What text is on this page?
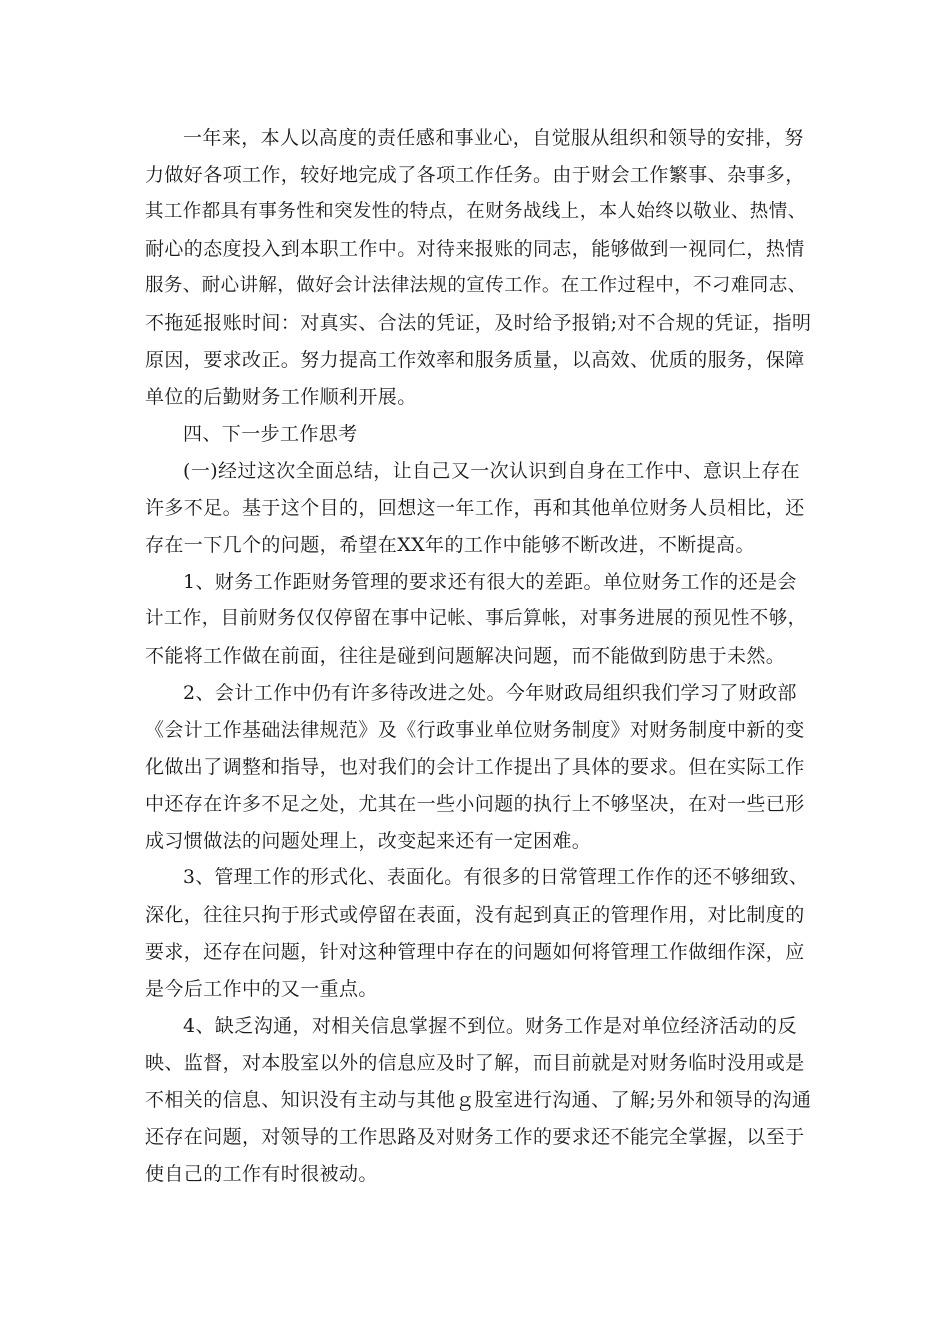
一年来，本人以高度的责任感和事业心，自觉服从组织和领导的安排，努
力做好各项工作，较好地完成了各项工作任务。由于财会工作繁事、杂事多，
其工作都具有事务性和突发性的特点，在财务战线上，本人始终以敬业、热情、
耐心的态度投入到本职工作中。对待来报账的同志，能够做到一视同仁，热情
服务、耐心讲解，做好会计法律法规的宣传工作。在工作过程中，不刁难同志、
不拖延报账时间：对真实、合法的凭证，及时给予报销;对不合规的凭证，指明
原因，要求改正。努力提高工作效率和服务质量，以高效、优质的服务，保障
单位的后勤财务工作顺利开展。
四、下一步工作思考
(一)经过这次全面总结，让自己又一次认识到自身在工作中、意识上存在
许多不足。基于这个目的，回想这一年工作，再和其他单位财务人员相比，还
存在一下几个的问题，希望在XX年的工作中能够不断改进，不断提高。
1、财务工作距财务管理的要求还有很大的差距。单位财务工作的还是会
计工作，目前财务仅仅停留在事中记帐、事后算帐，对事务进展的预见性不够，
不能将工作做在前面，往往是碰到问题解决问题，而不能做到防患于未然。
2、会计工作中仍有许多待改进之处。今年财政局组织我们学习了财政部
《会计工作基础法律规范》及《行政事业单位财务制度》对财务制度中新的变
化做出了调整和指导，也对我们的会计工作提出了具体的要求。但在实际工作
中还存在许多不足之处，尤其在一些小问题的执行上不够坚决，在对一些已形
成习惯做法的问题处理上，改变起来还有一定困难。
3、管理工作的形式化、表面化。有很多的日常管理工作作的还不够细致、
深化，往往只拘于形式或停留在表面，没有起到真正的管理作用，对比制度的
要求，还存在问题，针对这种管理中存在的问题如何将管理工作做细作深，应
是今后工作中的又一重点。
4、缺乏沟通，对相关信息掌握不到位。财务工作是对单位经济活动的反
映、监督，对本股室以外的信息应及时了解，而目前就是对财务临时没用或是
不相关的信息、知识没有主动与其他ｇ股室进行沟通、了解;另外和领导的沟通
还存在问题，对领导的工作思路及对财务工作的要求还不能完全掌握，以至于
使自己的工作有时很被动。
